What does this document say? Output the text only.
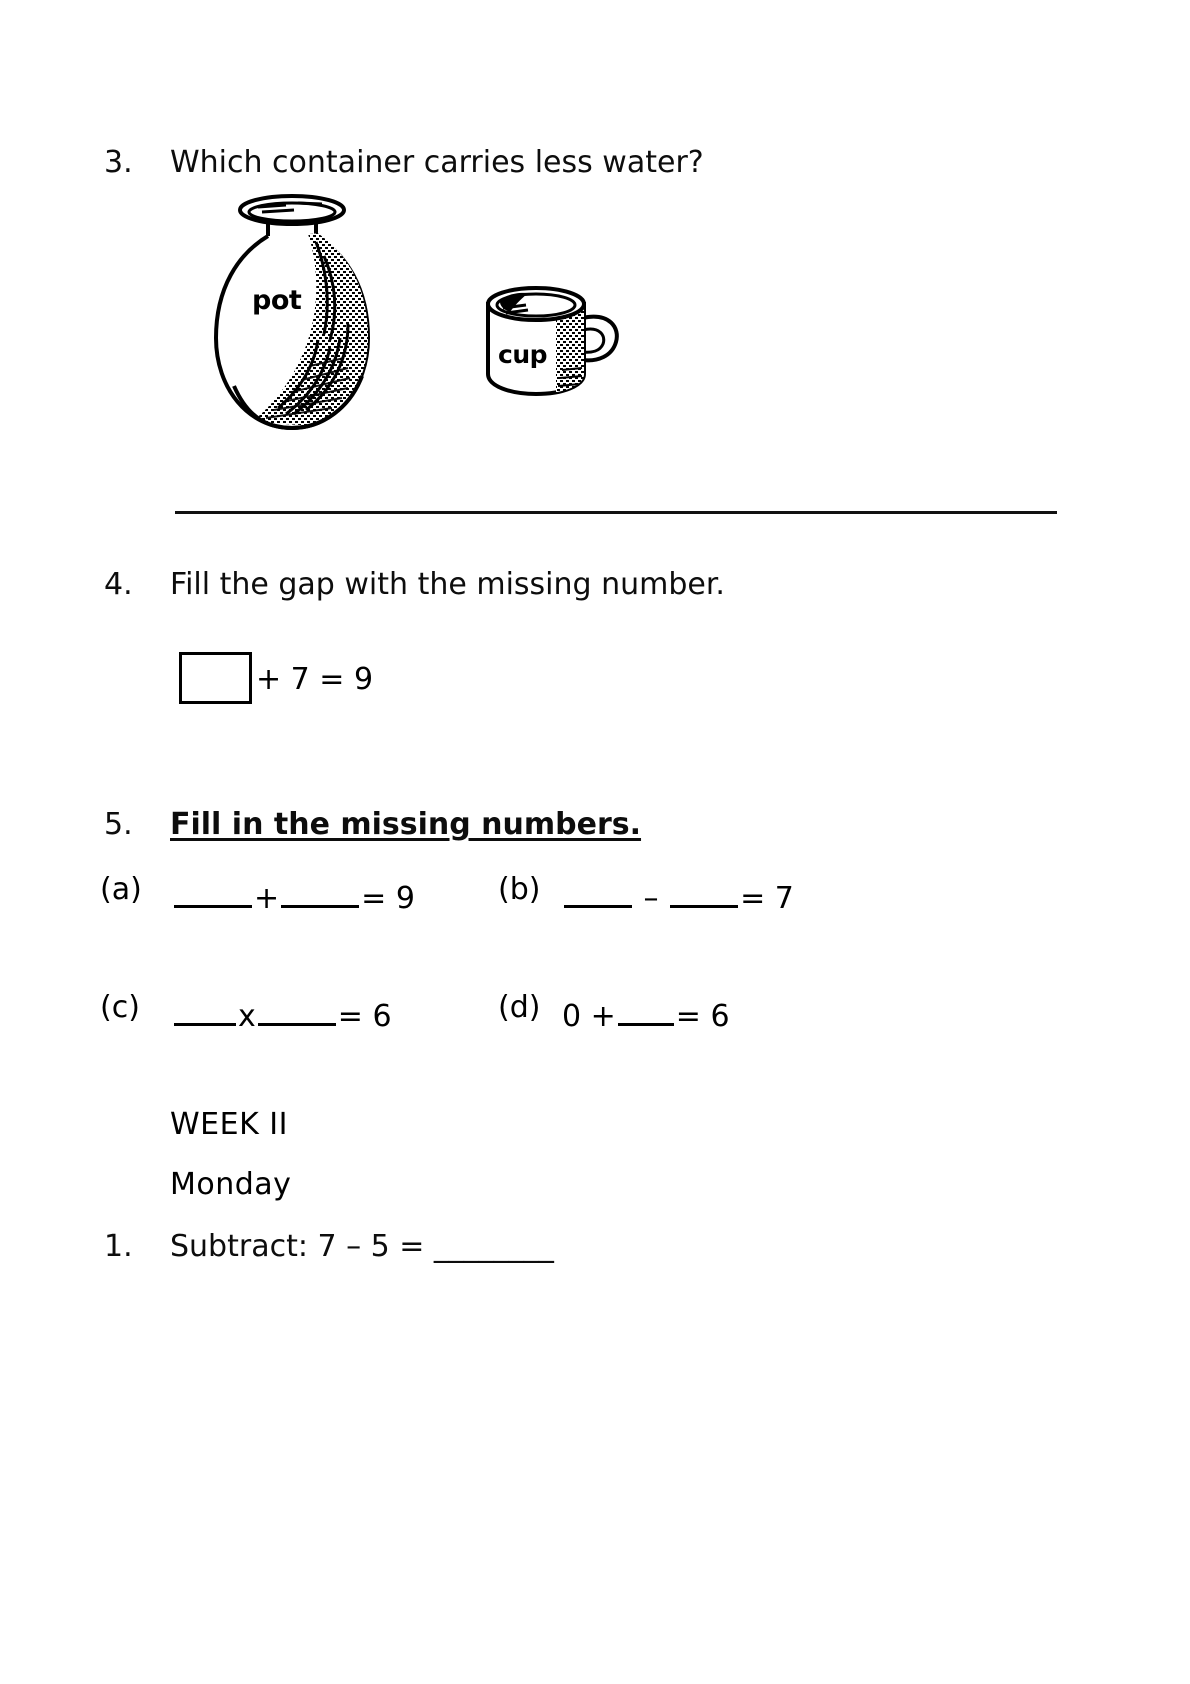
3. Which container carries less water?
pot
cup
4. Fill the gap with the missing number.
+ 7 = 9
5. Fill in the missing numbers.
(a)	+	= 9	(b)	–	= 7
(c)	x	= 6	(d) 0 + = 6
WEEK II
Monday
1. Subtract: 7 – 5 = ________
